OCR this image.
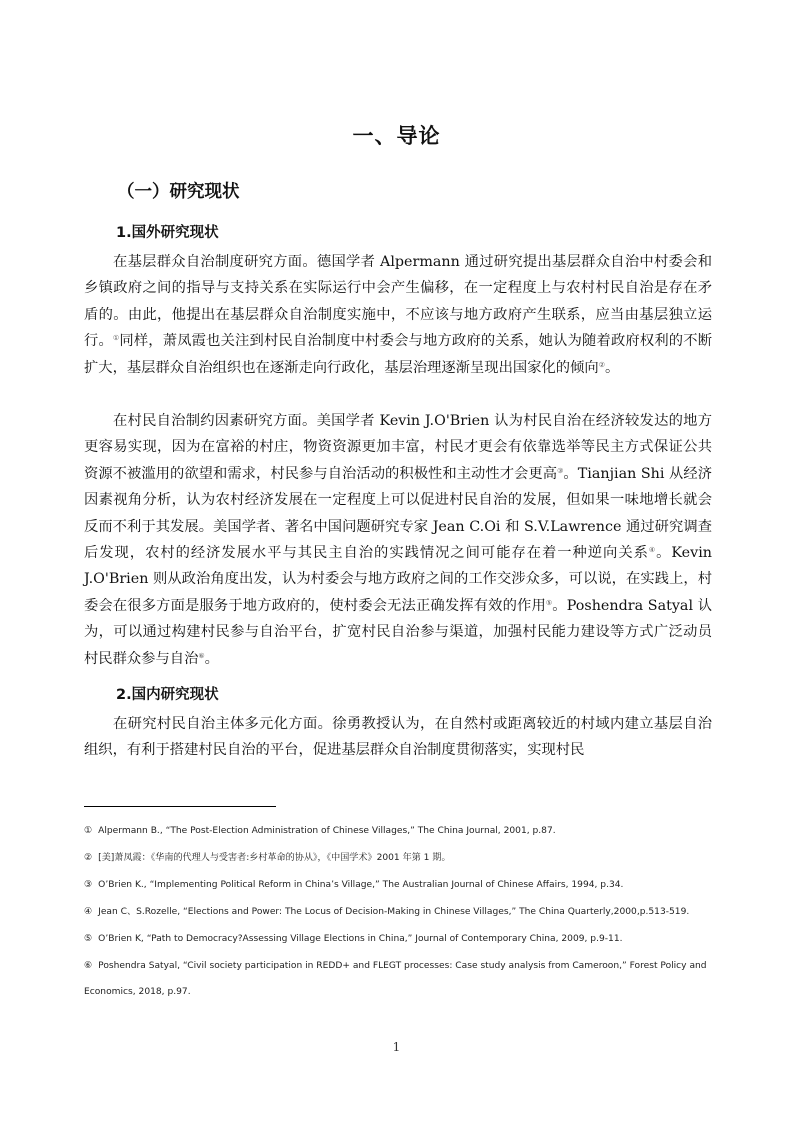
一、导论
（一）研究现状
1.国外研究现状

在基层群众自治制度研究方面。德国学者 Alpermann 通过研究提出基层群众自治中村委会和乡镇政府之间的指导与支持关系在实际运行中会产生偏移，在一定程度上与农村村民自治是存在矛盾的。由此，他提出在基层群众自治制度实施中，不应该与地方政府产生联系，应当由基层独立运行。①同样，萧凤霞也关注到村民自治制度中村委会与地方政府的关系，她认为随着政府权利的不断扩大，基层群众自治组织也在逐渐走向行政化，基层治理逐渐呈现出国家化的倾向②。

在村民自治制约因素研究方面。美国学者 Kevin J.O'Brien 认为村民自治在经济较发达的地方更容易实现，因为在富裕的村庄，物资资源更加丰富，村民才更会有依靠选举等民主方式保证公共资源不被滥用的欲望和需求，村民参与自治活动的积极性和主动性才会更高③。Tianjian Shi 从经济因素视角分析，认为农村经济发展在一定程度上可以促进村民自治的发展，但如果一味地增长就会反而不利于其发展。美国学者、著名中国问题研究专家 Jean C.Oi 和 S.V.Lawrence 通过研究调查后发现，农村的经济发展水平与其民主自治的实践情况之间可能存在着一种逆向关系④。Kevin J.O'Brien 则从政治角度出发，认为村委会与地方政府之间的工作交涉众多，可以说，在实践上，村委会在很多方面是服务于地方政府的，使村委会无法正确发挥有效的作用⑤。Poshendra Satyal 认为，可以通过构建村民参与自治平台，扩宽村民自治参与渠道，加强村民能力建设等方式广泛动员村民群众参与自治⑥。

2.国内研究现状

在研究村民自治主体多元化方面。徐勇教授认为，在自然村或距离较近的村域内建立基层自治组织，有利于搭建村民自治的平台，促进基层群众自治制度贯彻落实，实现村民

① Alpermann B., “The Post-Election Administration of Chinese Villages,” The China Journal, 2001, p.87.

② [美]萧凤霞：《华南的代理人与受害者:乡村革命的协从》，《中国学术》2001 年第 1 期。

③ O’Brien K., “Implementing Political Reform in China’s Village,” The Australian Journal of Chinese Affairs, 1994, p.34.

④ Jean C、S.Rozelle, “Elections and Power: The Locus of Decision-Making in Chinese Villages,” The China Quarterly,2000,p.513-519.

⑤ O’Brien K, “Path to Democracy?Assessing Village Elections in China,” Journal of Contemporary China, 2009, p.9-11.

⑥ Poshendra Satyal, “Civil society participation in REDD+ and FLEGT processes: Case study analysis from Cameroon,” Forest Policy and Economics, 2018, p.97.

1
